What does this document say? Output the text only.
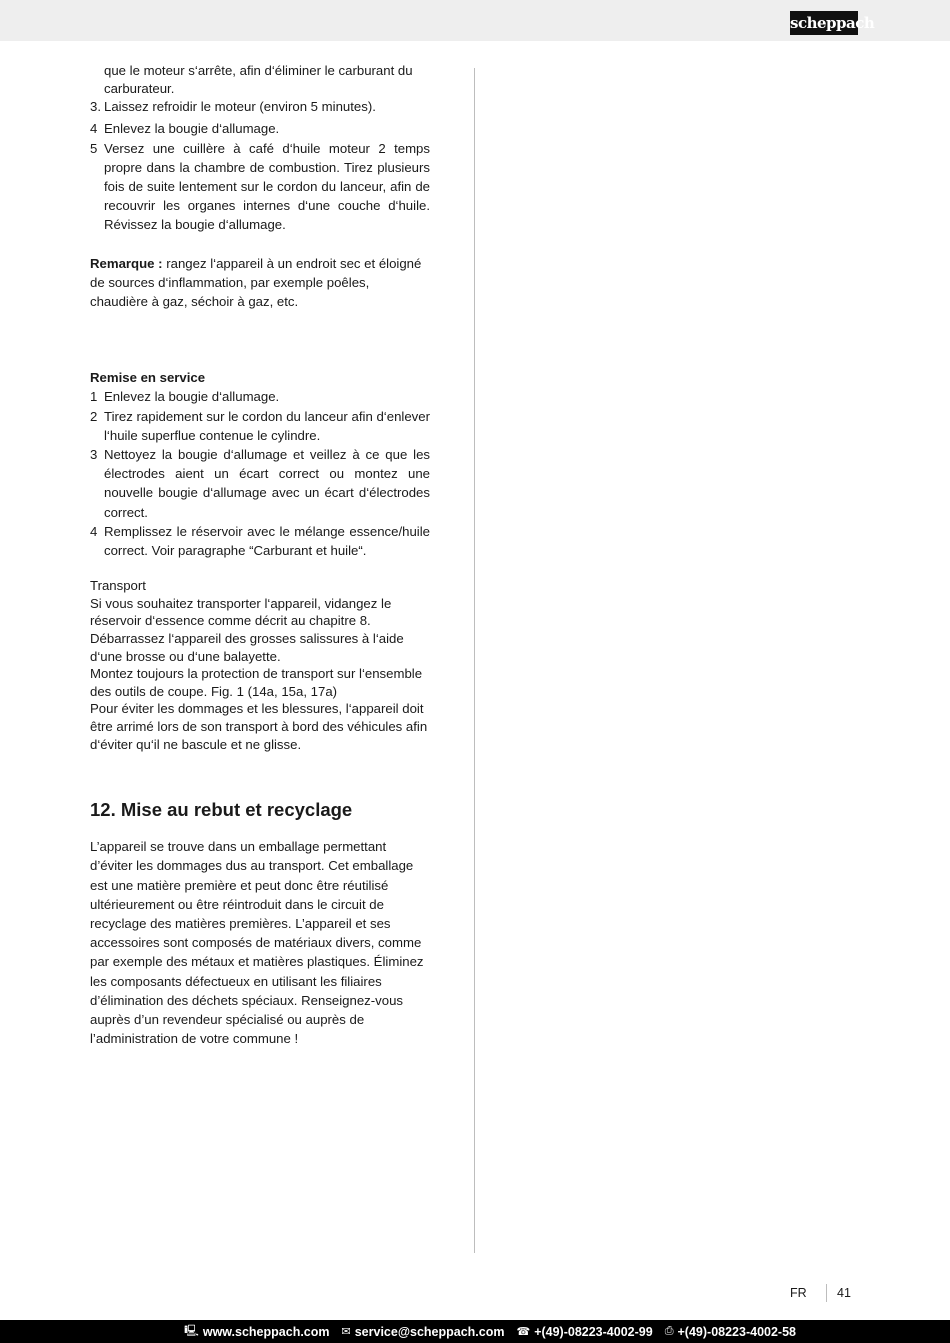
scheppach

que le moteur s‘arrête, afin d‘éliminer le carburant du carburateur.

3. Laissez refroidir le moteur (environ 5 minutes).
4 Enlevez la bougie d‘allumage.
5 Versez une cuillère à café d‘huile moteur 2 temps propre dans la chambre de combustion. Tirez plusieurs fois de suite lentement sur le cordon du lanceur, afin de recouvrir les organes internes d‘une couche d‘huile. Révissez la bougie d‘allumage.

Remarque : rangez l‘appareil à un endroit sec et éloigné de sources d‘inflammation, par exemple poêles, chaudière à gaz, séchoir à gaz, etc.

Remise en service

1 Enlevez la bougie d‘allumage.
2 Tirez rapidement sur le cordon du lanceur afin d‘enlever l‘huile superflue contenue le cylindre.
3 Nettoyez la bougie d‘allumage et veillez à ce que les électrodes aient un écart correct ou montez une nouvelle bougie d‘allumage avec un écart d‘électrodes correct.
4 Remplissez le réservoir avec le mélange essence/huile correct. Voir paragraphe “Carburant et huile“.

Transport

Si vous souhaitez transporter l‘appareil, vidangez le réservoir d‘essence comme décrit au chapitre 8. Débarrassez l‘appareil des grosses salissures à l‘aide d‘une brosse ou d‘une balayette.

Montez toujours la protection de transport sur l‘ensemble des outils de coupe. Fig. 1 (14a, 15a, 17a)

Pour éviter les dommages et les blessures, l‘appareil doit être arrimé lors de son transport à bord des véhicules afin d‘éviter qu‘il ne bascule et ne glisse.

12. Mise au rebut et recyclage

L’appareil se trouve dans un emballage permettant d’éviter les dommages dus au transport. Cet emballage est une matière première et peut donc être réutilisé ultérieurement ou être réintroduit dans le circuit de recyclage des matières premières. L’appareil et ses accessoires sont composés de matériaux divers, comme par exemple des métaux et matières plastiques. Éliminez les composants défectueux en utilisant les filiaires d’élimination des déchets spéciaux. Renseignez-vous auprès d’un revendeur spécialisé ou auprès de l’administration de votre commune !

FR	41
🖳 www.scheppach.com ✉ service@scheppach.com ☎ +(49)-08223-4002-99 ⎙ +(49)-08223-4002-58
